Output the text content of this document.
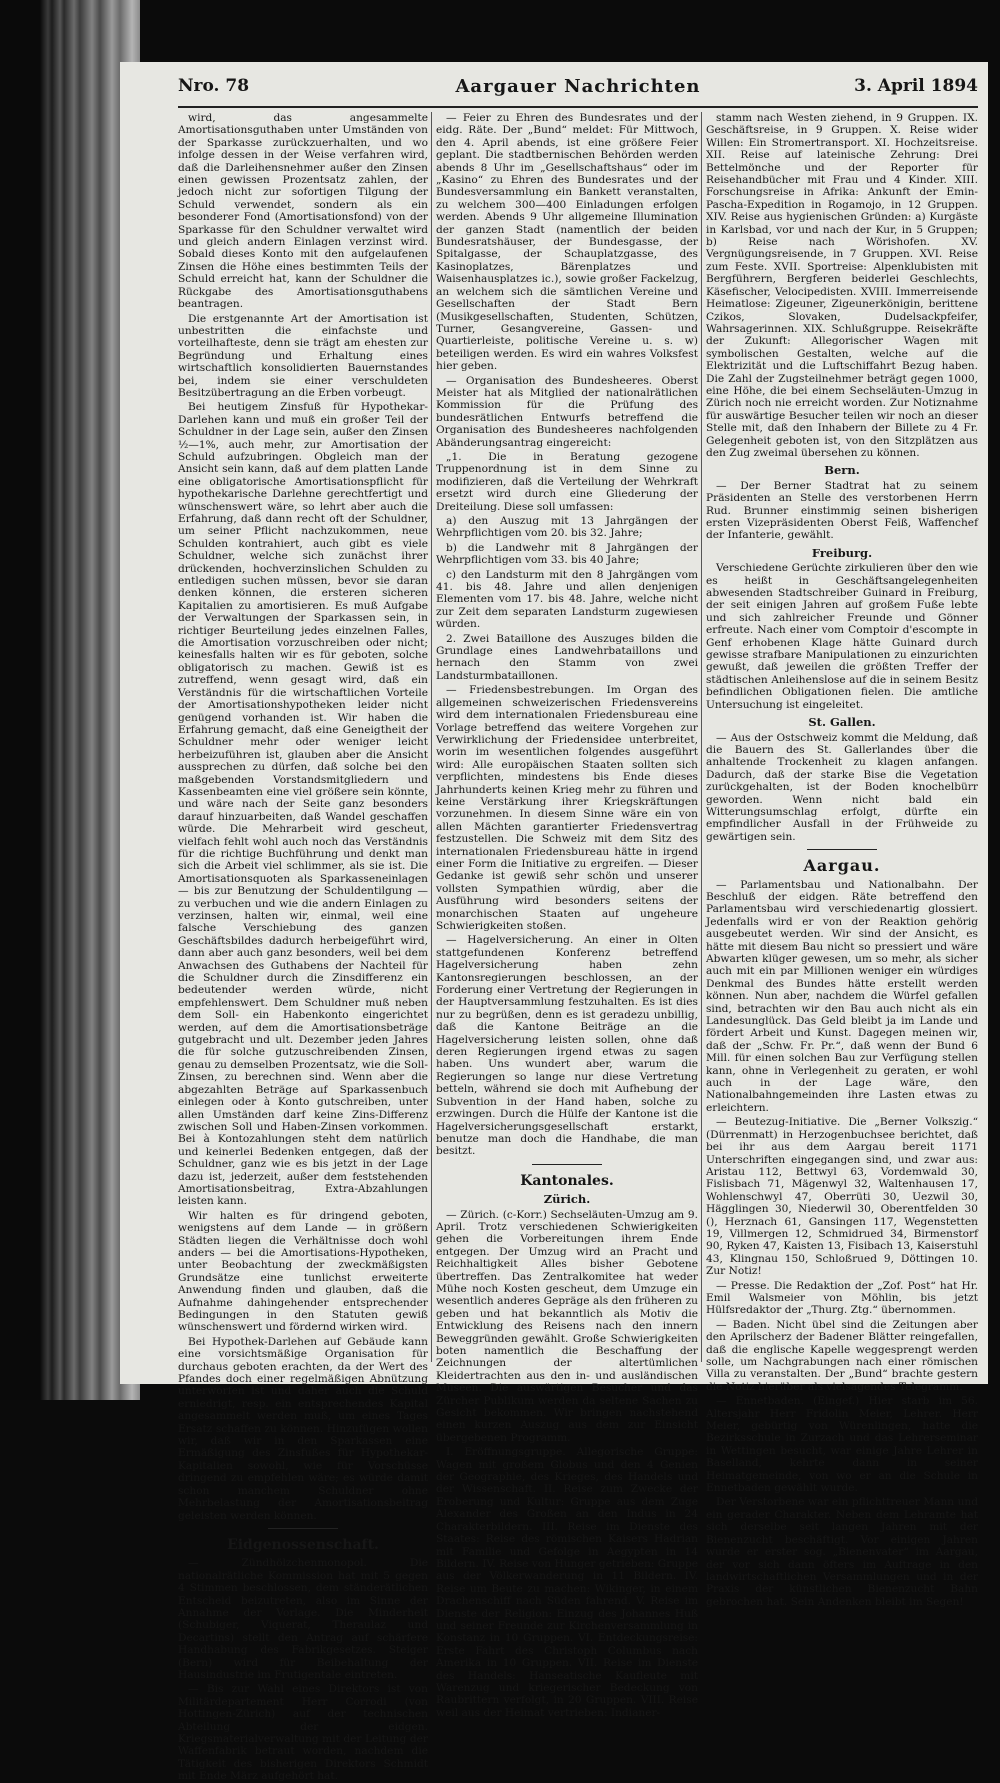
Nro. 78	Aargauer Nachrichten	3. April 1894

wird, das angesammelte Amortisationsguthaben unter Umständen von der Sparkasse zurückzuerhalten, und wo infolge dessen in der Weise verfahren wird, daß die Darleihensnehmer außer den Zinsen einen gewissen Prozentsatz zahlen, der jedoch nicht zur sofortigen Tilgung der Schuld verwendet, sondern als ein besonderer Fond (Amortisationsfond) von der Sparkasse für den Schuldner verwaltet wird und gleich andern Einlagen verzinst wird. Sobald dieses Konto mit den aufgelaufenen Zinsen die Höhe eines bestimmten Teils der Schuld erreicht hat, kann der Schuldner die Rückgabe des Amortisationsguthabens beantragen.

Die erstgenannte Art der Amortisation ist unbestritten die einfachste und vorteilhafteste, denn sie trägt am ehesten zur Begründung und Erhaltung eines wirtschaftlich konsolidierten Bauernstandes bei, indem sie einer verschuldeten Besitzübertragung an die Erben vorbeugt.

Bei heutigem Zinsfuß für Hypothekar-Darlehen kann und muß ein großer Teil der Schuldner in der Lage sein, außer den Zinsen ½—1%, auch mehr, zur Amortisation der Schuld aufzubringen. Obgleich man der Ansicht sein kann, daß auf dem platten Lande eine obligatorische Amortisationspflicht für hypothekarische Darlehne gerechtfertigt und wünschenswert wäre, so lehrt aber auch die Erfahrung, daß dann recht oft der Schuldner, um seiner Pflicht nachzukommen, neue Schulden kontrahiert, auch gibt es viele Schuldner, welche sich zunächst ihrer drückenden, hochverzinslichen Schulden zu entledigen suchen müssen, bevor sie daran denken können, die ersteren sicheren Kapitalien zu amortisieren. Es muß Aufgabe der Verwaltungen der Sparkassen sein, in richtiger Beurteilung jedes einzelnen Falles, die Amortisation vorzuschreiben oder nicht; keinesfalls halten wir es für geboten, solche obligatorisch zu machen. Gewiß ist es zutreffend, wenn gesagt wird, daß ein Verständnis für die wirtschaftlichen Vorteile der Amortisationshypotheken leider nicht genügend vorhanden ist. Wir haben die Erfahrung gemacht, daß eine Geneigtheit der Schuldner mehr oder weniger leicht herbeizuführen ist, glauben aber die Ansicht aussprechen zu dürfen, daß solche bei den maßgebenden Vorstandsmitgliedern und Kassenbeamten eine viel größere sein könnte, und wäre nach der Seite ganz besonders darauf hinzuarbeiten, daß Wandel geschaffen würde. Die Mehrarbeit wird gescheut, vielfach fehlt wohl auch noch das Verständnis für die richtige Buchführung und denkt man sich die Arbeit viel schlimmer, als sie ist. Die Amortisationsquoten als Sparkasseneinlagen — bis zur Benutzung der Schuldentilgung — zu verbuchen und wie die andern Einlagen zu verzinsen, halten wir, einmal, weil eine falsche Verschiebung des ganzen Geschäftsbildes dadurch herbeigeführt wird, dann aber auch ganz besonders, weil bei dem Anwachsen des Guthabens der Nachteil für die Schuldner durch die Zinsdifferenz ein bedeutender werden würde, nicht empfehlenswert. Dem Schuldner muß neben dem Soll- ein Habenkonto eingerichtet werden, auf dem die Amortisationsbeträge gutgebracht und ult. Dezember jeden Jahres die für solche gutzuschreibenden Zinsen, genau zu demselben Prozentsatz, wie die Soll-Zinsen, zu berechnen sind. Wenn aber die abgezahlten Beträge auf Sparkassenbuch einlegen oder à Konto gutschreiben, unter allen Umständen darf keine Zins-Differenz zwischen Soll und Haben-Zinsen vorkommen. Bei à Kontozahlungen steht dem natürlich und keinerlei Bedenken entgegen, daß der Schuldner, ganz wie es bis jetzt in der Lage dazu ist, jederzeit, außer dem feststehenden Amortisationsbeitrag, Extra-Abzahlungen leisten kann.

Wir halten es für dringend geboten, wenigstens auf dem Lande — in größern Städten liegen die Verhältnisse doch wohl anders — bei die Amortisations-Hypotheken, unter Beobachtung der zweckmäßigsten Grundsätze eine tunlichst erweiterte Anwendung finden und glauben, daß die Aufnahme dahingehender entsprechender Bedingungen in den Statuten gewiß wünschenswert und fördernd wirken wird.

Bei Hypothek-Darlehen auf Gebäude kann eine vorsichtsmäßige Organisation für durchaus geboten erachten, da der Wert des Pfandes doch einer regelmäßigen Abnützung unterworfen ist und daher auch die Schuld erniedrigt, resp. ein entsprechendes Kapital angesammelt werden muß, um eines Tages Ersatz schaffen zu können. Hinzufügen wollen wir, daß wir in den Sparkassen eine Ermäßigung des Zinsfußes für Hypothekar-Kapitalien sowohl, wie für Vorschüsse dringend zu empfehlen wäre; es würde damit schon manchem Schuldner ohne Mehrbelastung der Amortisationsbeitrag geleisten werden können.

Eidgenossenschaft.

— Zündhölzchenmonopol. Die nationalrätliche Kommission hat mit 5 gegen 4 Stimmen beschlossen, dem ständerätlichen Entscheid beizutreten, also im Sinne der Annahme der Vorlage. Die Minderheit (Schubiger, Viquerat, Theraulaz und Decartins) stellt den Antrag auf schärfere Handhabung des Fabrikgesetzes. Steiger (Bern) wird für Beibehaltung der Hausindustrie im Frutigentale eintreten.

— Bis zur Wahl eines Direktors ist von Militärdepartement Herr Corrodi (von Hottingen-Zürich) auf der technischen Abteilung der eidgen. Kriegsmaterialverwaltung mit der Leitung der Waffenfabrik betraut worden, nachdem die Tätigkeit des bisherigen Direktors Schmidt mit Ende März aufgehört hat.

— Feier zu Ehren des Bundesrates und der eidg. Räte. Der „Bund“ meldet: Für Mittwoch, den 4. April abends, ist eine größere Feier geplant. Die stadtbernischen Behörden werden abends 8 Uhr im „Gesellschaftshaus“ oder im „Kasino“ zu Ehren des Bundesrates und der Bundesversammlung ein Bankett veranstalten, zu welchem 300—400 Einladungen erfolgen werden. Abends 9 Uhr allgemeine Illumination der ganzen Stadt (namentlich der beiden Bundesratshäuser, der Bundesgasse, der Spitalgasse, der Schauplatzgasse, des Kasinoplatzes, Bärenplatzes und Waisenhausplatzes ic.), sowie großer Fackelzug, an welchem sich die sämtlichen Vereine und Gesellschaften der Stadt Bern (Musikgesellschaften, Studenten, Schützen, Turner, Gesangvereine, Gassen- und Quartierleiste, politische Vereine u. s. w) beteiligen werden. Es wird ein wahres Volksfest hier geben.

— Organisation des Bundesheeres. Oberst Meister hat als Mitglied der nationalrätlichen Kommission für die Prüfung des bundesrätlichen Entwurfs betreffend die Organisation des Bundesheeres nachfolgenden Abänderungsantrag eingereicht:

„1. Die in Beratung gezogene Truppenordnung ist in dem Sinne zu modifizieren, daß die Verteilung der Wehrkraft ersetzt wird durch eine Gliederung der Dreiteilung. Diese soll umfassen:

a) den Auszug mit 13 Jahrgängen der Wehrpflichtigen vom 20. bis 32. Jahre;

b) die Landwehr mit 8 Jahrgängen der Wehrpflichtigen vom 33. bis 40 Jahre;

c) den Landsturm mit den 8 Jahrgängen vom 41. bis 48. Jahre und allen denjenigen Elementen vom 17. bis 48. Jahre, welche nicht zur Zeit dem separaten Landsturm zugewiesen würden.

2. Zwei Bataillone des Auszuges bilden die Grundlage eines Landwehrbataillons und hernach den Stamm von zwei Landsturmbataillonen.

— Friedensbestrebungen. Im Organ des allgemeinen schweizerischen Friedensvereins wird dem internationalen Friedensbureau eine Vorlage betreffend das weitere Vorgehen zur Verwirklichung der Friedensidee unterbreitet, worin im wesentlichen folgendes ausgeführt wird: Alle europäischen Staaten sollten sich verpflichten, mindestens bis Ende dieses Jahrhunderts keinen Krieg mehr zu führen und keine Verstärkung ihrer Kriegskräftungen vorzunehmen. In diesem Sinne wäre ein von allen Mächten garantierter Friedensvertrag festzustellen. Die Schweiz mit dem Sitz des internationalen Friedensbureau hätte in irgend einer Form die Initiative zu ergreifen. — Dieser Gedanke ist gewiß sehr schön und unserer vollsten Sympathien würdig, aber die Ausführung wird besonders seitens der monarchischen Staaten auf ungeheure Schwierigkeiten stoßen.

— Hagelversicherung. An einer in Olten stattgefundenen Konferenz betreffend Hagelversicherung haben zehn Kantonsregierungen beschlossen, an der Forderung einer Vertretung der Regierungen in der Hauptversammlung festzuhalten. Es ist dies nur zu begrüßen, denn es ist geradezu unbillig, daß die Kantone Beiträge an die Hagelversicherung leisten sollen, ohne daß deren Regierungen irgend etwas zu sagen haben. Uns wundert aber, warum die Regierungen so lange nur diese Vertretung betteln, während sie doch mit Aufhebung der Subvention in der Hand haben, solche zu erzwingen. Durch die Hülfe der Kantone ist die Hagelversicherungsgesellschaft erstarkt, benutze man doch die Handhabe, die man besitzt.

Kantonales.
Zürich.

— Zürich. (c-Korr.) Sechseläuten-Umzug am 9. April. Trotz verschiedenen Schwierigkeiten gehen die Vorbereitungen ihrem Ende entgegen. Der Umzug wird an Pracht und Reichhaltigkeit Alles bisher Gebotene übertreffen. Das Zentralkomitee hat weder Mühe noch Kosten gescheut, dem Umzuge ein wesentlich anderes Gepräge als den früheren zu geben und hat bekanntlich als Motiv die Entwicklung des Reisens nach den innern Beweggründen gewählt. Große Schwierigkeiten boten namentlich die Beschaffung der Zeichnungen der altertümlichen Kleidertrachten aus den in- und ausländischen Museen. Die auswärtigen Besucher und das Zürcher Publikum werden da seltene Sachen zu Gesicht bekommen. Wir bringen nachstehend einen kurzen Auszug aus dem zur Einsicht übergebenen Programm.

I. Eröffnungsgruppe. Allegorische Gruppe: Wagen mit großem Globus und den 4 Genien der Geographie, des Krieges, des Handels und der Wissenschaft. II. Reise zum Zwecke der Eroberung und Kultur: Gruppe aus dem Zuge Alexander des Großen an den Indus in 24 Charakterbildern. III. Reise im Dienste des Staates: Reise des römischen Kaisers Hadrian mit Familie und Gefolge in Aegypten in 14 Bildern. IV. Reise von Hunger getrieben: Gruppe aus der Völkerwanderung in 11 Bildern. IV. Reise um Beute zu machen: Wikinger, in einem Drachenschiff nach Süden fahrend. V. Reise im Dienste der Religion: Einzug des Johannes Huß und seiner Freunde zur Kirchenversammlung in Konstanz in 10 Gruppen. VI. Entdeckungsreise: Erste Fahrt des Christoph Columbus nach Amerika in 10 Gruppen. VII. Reise im Dienste des Handels: Hanseatische Kaufleute mit Warenzug und kriegerischer Bedeckung von Raubrittern verfolgt, in 20 Gruppen. VIII. Reise weil aus der Heimat vertrieben: Indianer-

stamm nach Westen ziehend, in 9 Gruppen. IX. Geschäftsreise, in 9 Gruppen. X. Reise wider Willen: Ein Stromertransport. XI. Hochzeitsreise. XII. Reise auf lateinische Zehrung: Drei Bettelmönche und der Reporter für Reisehandbücher mit Frau und 4 Kinder. XIII. Forschungsreise in Afrika: Ankunft der Emin-Pascha-Expedition in Rogamojo, in 12 Gruppen. XIV. Reise aus hygienischen Gründen: a) Kurgäste in Karlsbad, vor und nach der Kur, in 5 Gruppen; b) Reise nach Wörishofen. XV. Vergnügungsreisende, in 7 Gruppen. XVI. Reise zum Feste. XVII. Sportreise: Alpenklubisten mit Bergführern, Bergferen beiderlei Geschlechts, Käsefischer, Velocipedisten. XVIII. Immerreisende Heimatlose: Zigeuner, Zigeunerkönigin, berittene Czikos, Slovaken, Dudelsackpfeifer, Wahrsagerinnen. XIX. Schlußgruppe. Reisekräfte der Zukunft: Allegorischer Wagen mit symbolischen Gestalten, welche auf die Elektrizität und die Luftschiffahrt Bezug haben. Die Zahl der Zugsteilnehmer beträgt gegen 1000, eine Höhe, die bei einem Sechseläuten-Umzug in Zürich noch nie erreicht worden. Zur Notiznahme für auswärtige Besucher teilen wir noch an dieser Stelle mit, daß den Inhabern der Billete zu 4 Fr. Gelegenheit geboten ist, von den Sitzplätzen aus den Zug zweimal übersehen zu können.

Bern.

— Der Berner Stadtrat hat zu seinem Präsidenten an Stelle des verstorbenen Herrn Rud. Brunner einstimmig seinen bisherigen ersten Vizepräsidenten Oberst Feiß, Waffenchef der Infanterie, gewählt.

Freiburg.

Verschiedene Gerüchte zirkulieren über den wie es heißt in Geschäftsangelegenheiten abwesenden Stadtschreiber Guinard in Freiburg, der seit einigen Jahren auf großem Fuße lebte und sich zahlreicher Freunde und Gönner erfreute. Nach einer vom Comptoir d'escompte in Genf erhobenen Klage hätte Guinard durch gewisse strafbare Manipulationen zu einzurichten gewußt, daß jeweilen die größten Treffer der städtischen Anleihenslose auf die in seinem Besitz befindlichen Obligationen fielen. Die amtliche Untersuchung ist eingeleitet.

St. Gallen.

— Aus der Ostschweiz kommt die Meldung, daß die Bauern des St. Gallerlandes über die anhaltende Trockenheit zu klagen anfangen. Dadurch, daß der starke Bise die Vegetation zurückgehalten, ist der Boden knochelbürr geworden. Wenn nicht bald ein Witterungsumschlag erfolgt, dürfte ein empfindlicher Ausfall in der Frühweide zu gewärtigen sein.

Aargau.

— Parlamentsbau und Nationalbahn. Der Beschluß der eidgen. Räte betreffend den Parlamentsbau wird verschiedenartig glossiert. Jedenfalls wird er von der Reaktion gehörig ausgebeutet werden. Wir sind der Ansicht, es hätte mit diesem Bau nicht so pressiert und wäre Abwarten klüger gewesen, um so mehr, als sicher auch mit ein par Millionen weniger ein würdiges Denkmal des Bundes hätte erstellt werden können. Nun aber, nachdem die Würfel gefallen sind, betrachten wir den Bau auch nicht als ein Landesunglück. Das Geld bleibt ja im Lande und fördert Arbeit und Kunst. Dagegen meinen wir, daß der „Schw. Fr. Pr.“, daß wenn der Bund 6 Mill. für einen solchen Bau zur Verfügung stellen kann, ohne in Verlegenheit zu geraten, er wohl auch in der Lage wäre, den Nationalbahngemeinden ihre Lasten etwas zu erleichtern.

— Beutezug-Initiative. Die „Berner Volkszig.“ (Dürrenmatt) in Herzogenbuchsee berichtet, daß bei ihr aus dem Aargau bereit 1171 Unterschriften eingegangen sind, und zwar aus: Aristau 112, Bettwyl 63, Vordemwald 30, Fislisbach 71, Mägenwyl 32, Waltenhausen 17, Wohlenschwyl 47, Oberrüti 30, Uezwil 30, Hägglingen 30, Niederwil 30, Oberentfelden 30 (), Herznach 61, Gansingen 117, Wegenstetten 19, Villmergen 12, Schmidrued 34, Birmenstorf 90, Ryken 47, Kaisten 13, Fisibach 13, Kaiserstuhl 43, Klingnau 150, Schloßrued 9, Döttingen 10. Zur Notiz!

— Presse. Die Redaktion der „Zof. Post“ hat Hr. Emil Walsmeier von Möhlin, bis jetzt Hülfsredaktor der „Thurg. Ztg.“ übernommen.

— Baden. Nicht übel sind die Zeitungen aber den Aprilscherz der Badener Blätter reingefallen, daß die englische Kapelle weggesprengt werden solle, um Nachgrabungen nach einer römischen Villa zu veranstalten. Der „Bund“ brachte gestern die Notiz hierüber als vielsagendes Telegramm.

— Ennetbaden. (Eingef.) Hier starb im 56. Altersjahr Herr Fridolin Meier, Lehrer. Herr Meier, gebürtig von Würenlingen, hatte die Bezirksschule in Zurzach und das Lehrerseminar in Wettingen besucht, war einige Jahre Lehrer in Baselland, kehrte dann in seiner Heimatgemeinde, von wo er an die Schule in Ennetbaden gewählt wurde.

Der Verstorbene war ein pflichttreuer Mann und ein gerader Charakter. Neben dem Lehramte hat sich derselbe seit langen Jahren mit der Bienenzucht beschäftigt. Vor einigen Jahren wurde er erster sog. „Bienenvater“ im Aargau, der vor sich dann öfters im Auftrage in den landwirtschaftlichen Versammlungen und in der Praxis der künstlichen Bienenzucht Bahn gebrochen hat. Sein Andenken bleibt im Segen!
